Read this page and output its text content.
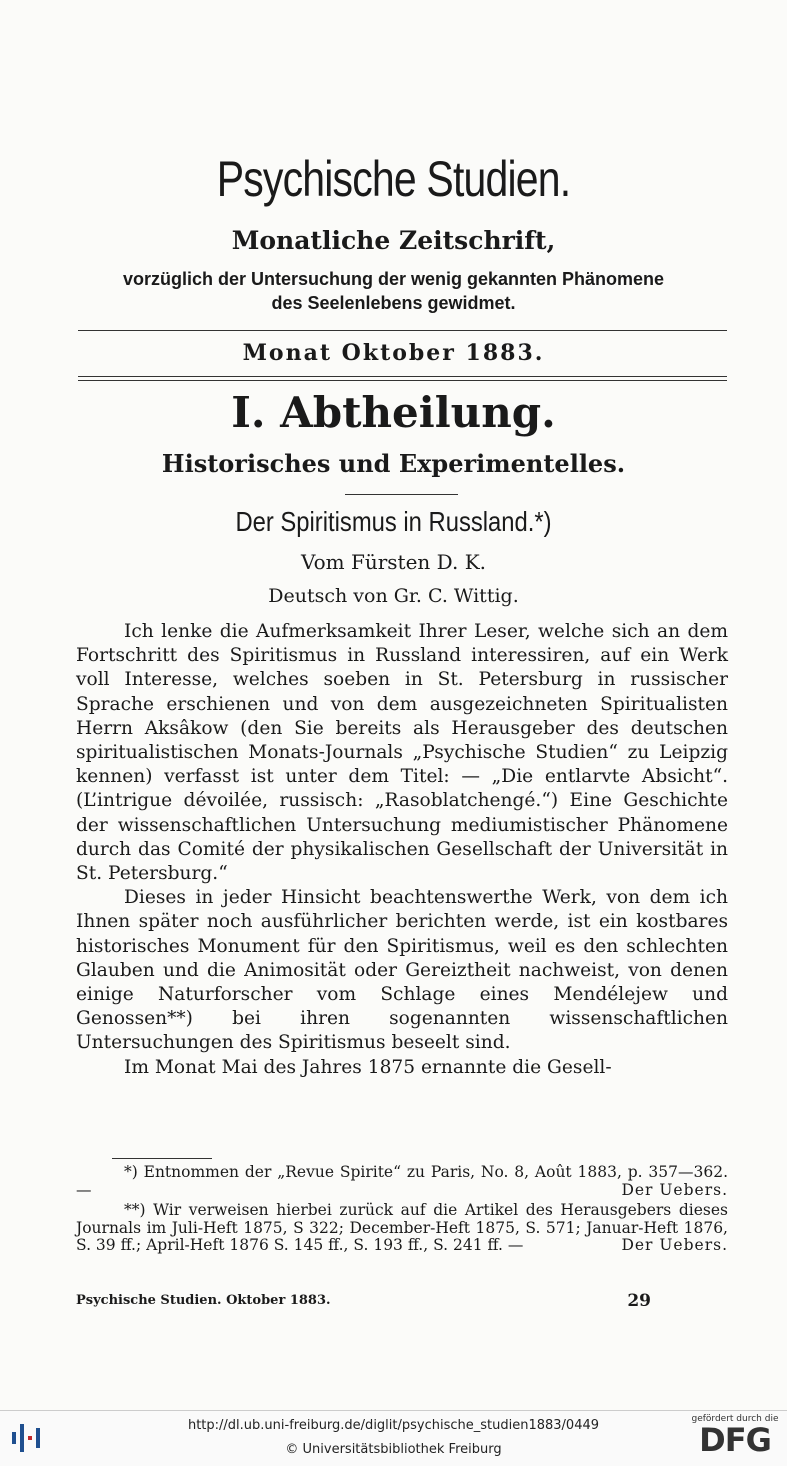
Psychische Studien.
Monatliche Zeitschrift,
vorzüglich der Untersuchung der wenig gekannten Phänomene
des Seelenlebens gewidmet.
Monat Oktober 1883.
I. Abtheilung.
Historisches und Experimentelles.
Der Spiritismus in Russland.*)
Vom Fürsten D. K.
Deutsch von Gr. C. Wittig.

Ich lenke die Aufmerksamkeit Ihrer Leser, welche sich an dem Fortschritt des Spiritismus in Russland interessiren, auf ein Werk voll Interesse, welches soeben in St. Petersburg in russischer Sprache erschienen und von dem ausgezeichneten Spiritualisten Herrn Aksâkow (den Sie bereits als Herausgeber des deutschen spiritualistischen Monats-Journals „Psychische Studien“ zu Leipzig kennen) verfasst ist unter dem Titel: — „Die entlarvte Absicht“. (L’intrigue dévoilée, russisch: „Rasoblatchengé.“) Eine Geschichte der wissenschaftlichen Untersuchung mediumistischer Phänomene durch das Comité der physikalischen Gesellschaft der Universität in St. Petersburg.“

Dieses in jeder Hinsicht beachtenswerthe Werk, von dem ich Ihnen später noch ausführlicher berichten werde, ist ein kostbares historisches Monument für den Spiritismus, weil es den schlechten Glauben und die Animosität oder Gereiztheit nachweist, von denen einige Naturforscher vom Schlage eines Mendélejew und Genossen**) bei ihren sogenannten wissenschaftlichen Untersuchungen des Spiritismus beseelt sind.

Im Monat Mai des Jahres 1875 ernannte die Gesell-

*) Entnommen der „Revue Spirite“ zu Paris, No. 8, Août 1883, p. 357—362. —	Der Uebers.

**) Wir verweisen hierbei zurück auf die Artikel des Herausgebers dieses Journals im Juli-Heft 1875, S 322; December-Heft 1875, S. 571; Januar-Heft 1876, S. 39 ff.; April-Heft 1876 S. 145 ff., S. 193 ff., S. 241 ff. —	Der Uebers.

Psychische Studien. Oktober 1883.	29
http://dl.ub.uni-freiburg.de/diglit/psychische_studien1883/0449
© Universitätsbibliothek Freiburg
gefördert durch die
DFG
